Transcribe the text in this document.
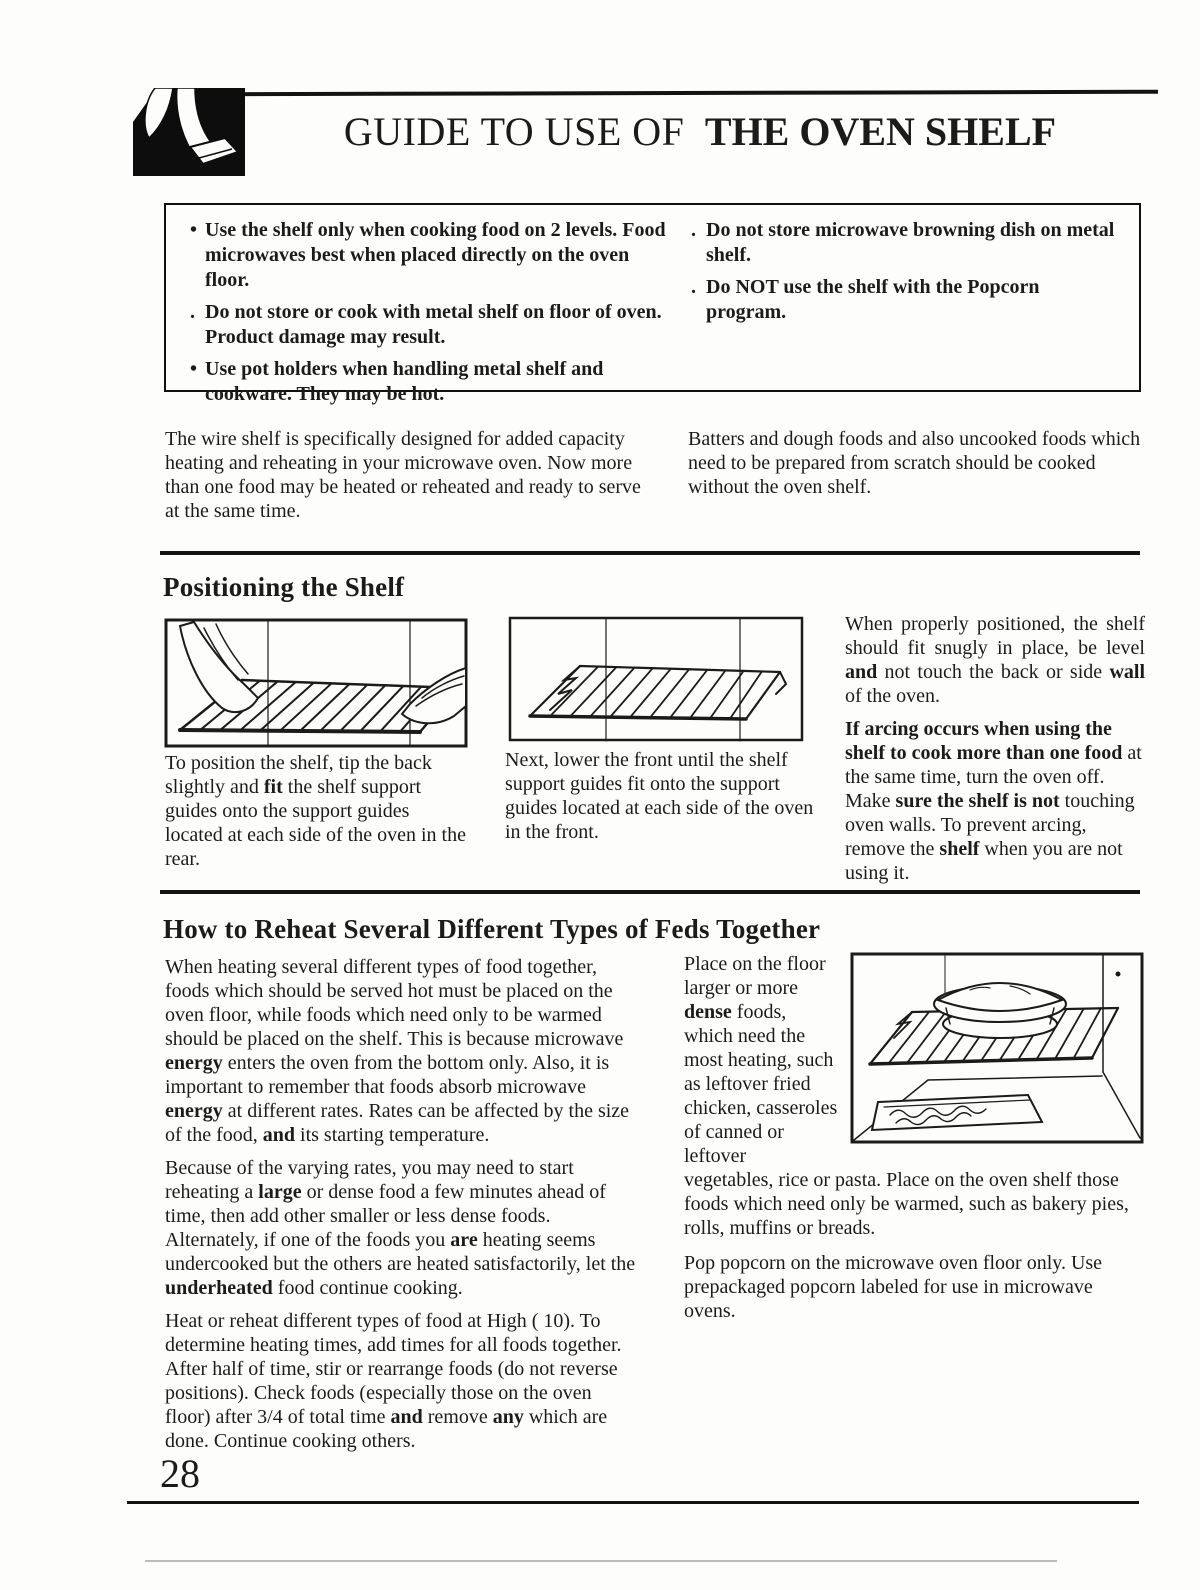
GUIDE TO USE OF THE OVEN SHELF
• Use the shelf only when cooking food on 2 levels. Food microwaves best when placed directly on the oven floor.
. Do not store or cook with metal shelf on floor of oven. Product damage may result.
• Use pot holders when handling metal shelf and cookware. They may be hot.
. Do not store microwave browning dish on metal shelf.
. Do NOT use the shelf with the Popcorn program.
The wire shelf is specifically designed for added capacity heating and reheating in your microwave oven. Now more than one food may be heated or reheated and ready to serve at the same time.
Batters and dough foods and also uncooked foods which need to be prepared from scratch should be cooked without the oven shelf.
Positioning the Shelf
To position the shelf, tip the back slightly and fit the shelf support guides onto the support guides located at each side of the oven in the rear.
Next, lower the front until the shelf support guides fit onto the support guides located at each side of the oven in the front.
When properly positioned, the shelf should fit snugly in place, be level and not touch the back or side wall of the oven.
If arcing occurs when using the shelf to cook more than one food at the same time, turn the oven off. Make sure the shelf is not touching oven walls. To prevent arcing, remove the shelf when you are not using it.
How to Reheat Several Different Types of Feds Together

When heating several different types of food together, foods which should be served hot must be placed on the oven floor, while foods which need only to be warmed should be placed on the shelf. This is because microwave energy enters the oven from the bottom only. Also, it is important to remember that foods absorb microwave energy at different rates. Rates can be affected by the size of the food, and its starting temperature.

Because of the varying rates, you may need to start reheating a large or dense food a few minutes ahead of time, then add other smaller or less dense foods. Alternately, if one of the foods you are heating seems undercooked but the others are heated satisfactorily, let the underheated food continue cooking.

Heat or reheat different types of food at High ( 10). To determine heating times, add times for all foods together. After half of time, stir or rearrange foods (do not reverse positions). Check foods (especially those on the oven floor) after 3/4 of total time and remove any which are done. Continue cooking others.

Place on the floor larger or more dense foods, which need the most heating, such as leftover fried chicken, casseroles of canned or leftover vegetables, rice or pasta. Place on the oven shelf those foods which need only be warmed, such as bakery pies, rolls, muffins or breads.
Pop popcorn on the microwave oven floor only. Use prepackaged popcorn labeled for use in microwave ovens.
28
